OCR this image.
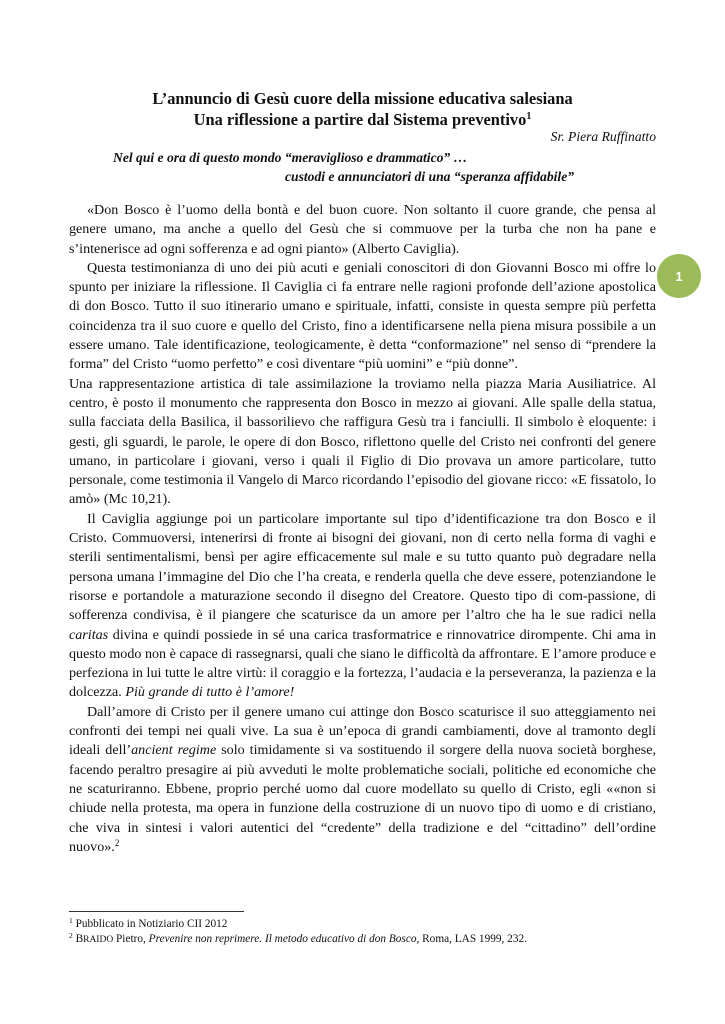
L’annuncio di Gesù cuore della missione educativa salesiana
Una riflessione a partire dal Sistema preventivo$^1$
Sr. Piera Ruffinatto
Nel qui e ora di questo mondo “meraviglioso e drammatico” …
custodi e annunciatori di una “speranza affidabile”
1

«Don Bosco è l’uomo della bontà e del buon cuore. Non soltanto il cuore grande, che pensa al genere umano, ma anche a quello del Gesù che si commuove per la turba che non ha pane e s’intenerisce ad ogni sofferenza e ad ogni pianto» (Alberto Caviglia).

Questa testimonianza di uno dei più acuti e geniali conoscitori di don Giovanni Bosco mi offre lo spunto per iniziare la riflessione. Il Caviglia ci fa entrare nelle ragioni profonde dell’azione apostolica di don Bosco. Tutto il suo itinerario umano e spirituale, infatti, consiste in questa sempre più perfetta coincidenza tra il suo cuore e quello del Cristo, fino a identificarsene nella piena misura possibile a un essere umano. Tale identificazione, teologicamente, è detta “conformazione” nel senso di “prendere la forma” del Cristo “uomo perfetto” e così diventare “più uomini” e “più donne”.

Una rappresentazione artistica di tale assimilazione la troviamo nella piazza Maria Ausiliatrice. Al centro, è posto il monumento che rappresenta don Bosco in mezzo ai giovani. Alle spalle della statua, sulla facciata della Basilica, il bassorilievo che raffigura Gesù tra i fanciulli. Il simbolo è eloquente: i gesti, gli sguardi, le parole, le opere di don Bosco, riflettono quelle del Cristo nei confronti del genere umano, in particolare i giovani, verso i quali il Figlio di Dio provava un amore particolare, tutto personale, come testimonia il Vangelo di Marco ricordando l’episodio del giovane ricco: «E fissatolo, lo amò» (Mc 10,21).

Il Caviglia aggiunge poi un particolare importante sul tipo d’identificazione tra don Bosco e il Cristo. Commuoversi, intenerirsi di fronte ai bisogni dei giovani, non di certo nella forma di vaghi e sterili sentimentalismi, bensì per agire efficacemente sul male e su tutto quanto può degradare nella persona umana l’immagine del Dio che l’ha creata, e renderla quella che deve essere, potenziandone le risorse e portandole a maturazione secondo il disegno del Creatore. Questo tipo di com-passione, di sofferenza condivisa, è il piangere che scaturisce da un amore per l’altro che ha le sue radici nella caritas divina e quindi possiede in sé una carica trasformatrice e rinnovatrice dirompente. Chi ama in questo modo non è capace di rassegnarsi, quali che siano le difficoltà da affrontare. E l’amore produce e perfeziona in lui tutte le altre virtù: il coraggio e la fortezza, l’audacia e la perseveranza, la pazienza e la dolcezza. Più grande di tutto è l’amore!

Dall’amore di Cristo per il genere umano cui attinge don Bosco scaturisce il suo atteggiamento nei confronti dei tempi nei quali vive. La sua è un’epoca di grandi cambiamenti, dove al tramonto degli ideali dell’ancient regime solo timidamente si va sostituendo il sorgere della nuova società borghese, facendo peraltro presagire ai più avveduti le molte problematiche sociali, politiche ed economiche che ne scaturiranno. Ebbene, proprio perché uomo dal cuore modellato su quello di Cristo, egli ««non si chiude nella protesta, ma opera in funzione della costruzione di un nuovo tipo di uomo e di cristiano, che viva in sintesi i valori autentici del “credente” della tradizione e del “cittadino” dell’ordine nuovo».$^2$

$^1$ Pubblicato in Notiziario CII 2012
$^2$ BRAIDO Pietro, Prevenire non reprimere. Il metodo educativo di don Bosco, Roma, LAS 1999, 232.
